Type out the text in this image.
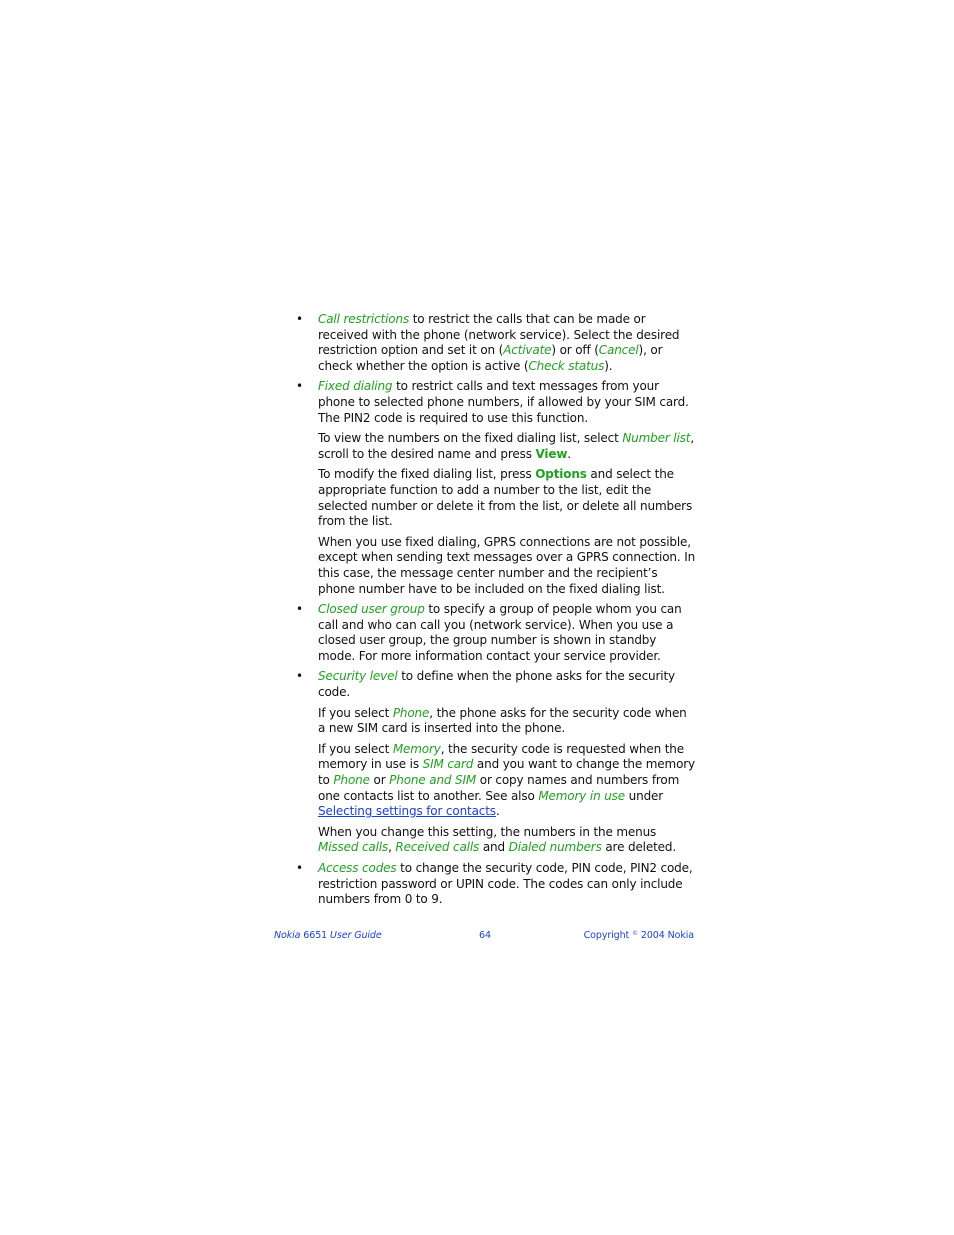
• Call restrictions to restrict the calls that can be made or received with the phone (network service). Select the desired restriction option and set it on (Activate) or off (Cancel), or check whether the option is active (Check status).

• Fixed dialing to restrict calls and text messages from your phone to selected phone numbers, if allowed by your SIM card. The PIN2 code is required to use this function.

To view the numbers on the fixed dialing list, select Number list, scroll to the desired name and press View.

To modify the fixed dialing list, press Options and select the appropriate function to add a number to the list, edit the selected number or delete it from the list, or delete all numbers from the list.

When you use fixed dialing, GPRS connections are not possible, except when sending text messages over a GPRS connection. In this case, the message center number and the recipient’s phone number have to be included on the fixed dialing list.

• Closed user group to specify a group of people whom you can call and who can call you (network service). When you use a closed user group, the group number is shown in standby mode. For more information contact your service provider.

• Security level to define when the phone asks for the security code.

If you select Phone, the phone asks for the security code when a new SIM card is inserted into the phone.

If you select Memory, the security code is requested when the memory in use is SIM card and you want to change the memory to Phone or Phone and SIM or copy names and numbers from one contacts list to another. See also Memory in use under Selecting settings for contacts.

When you change this setting, the numbers in the menus Missed calls, Received calls and Dialed numbers are deleted.

• Access codes to change the security code, PIN code, PIN2 code, restriction password or UPIN code. The codes can only include numbers from 0 to 9.

Nokia 6651 User Guide	64	Copyright © 2004 Nokia
